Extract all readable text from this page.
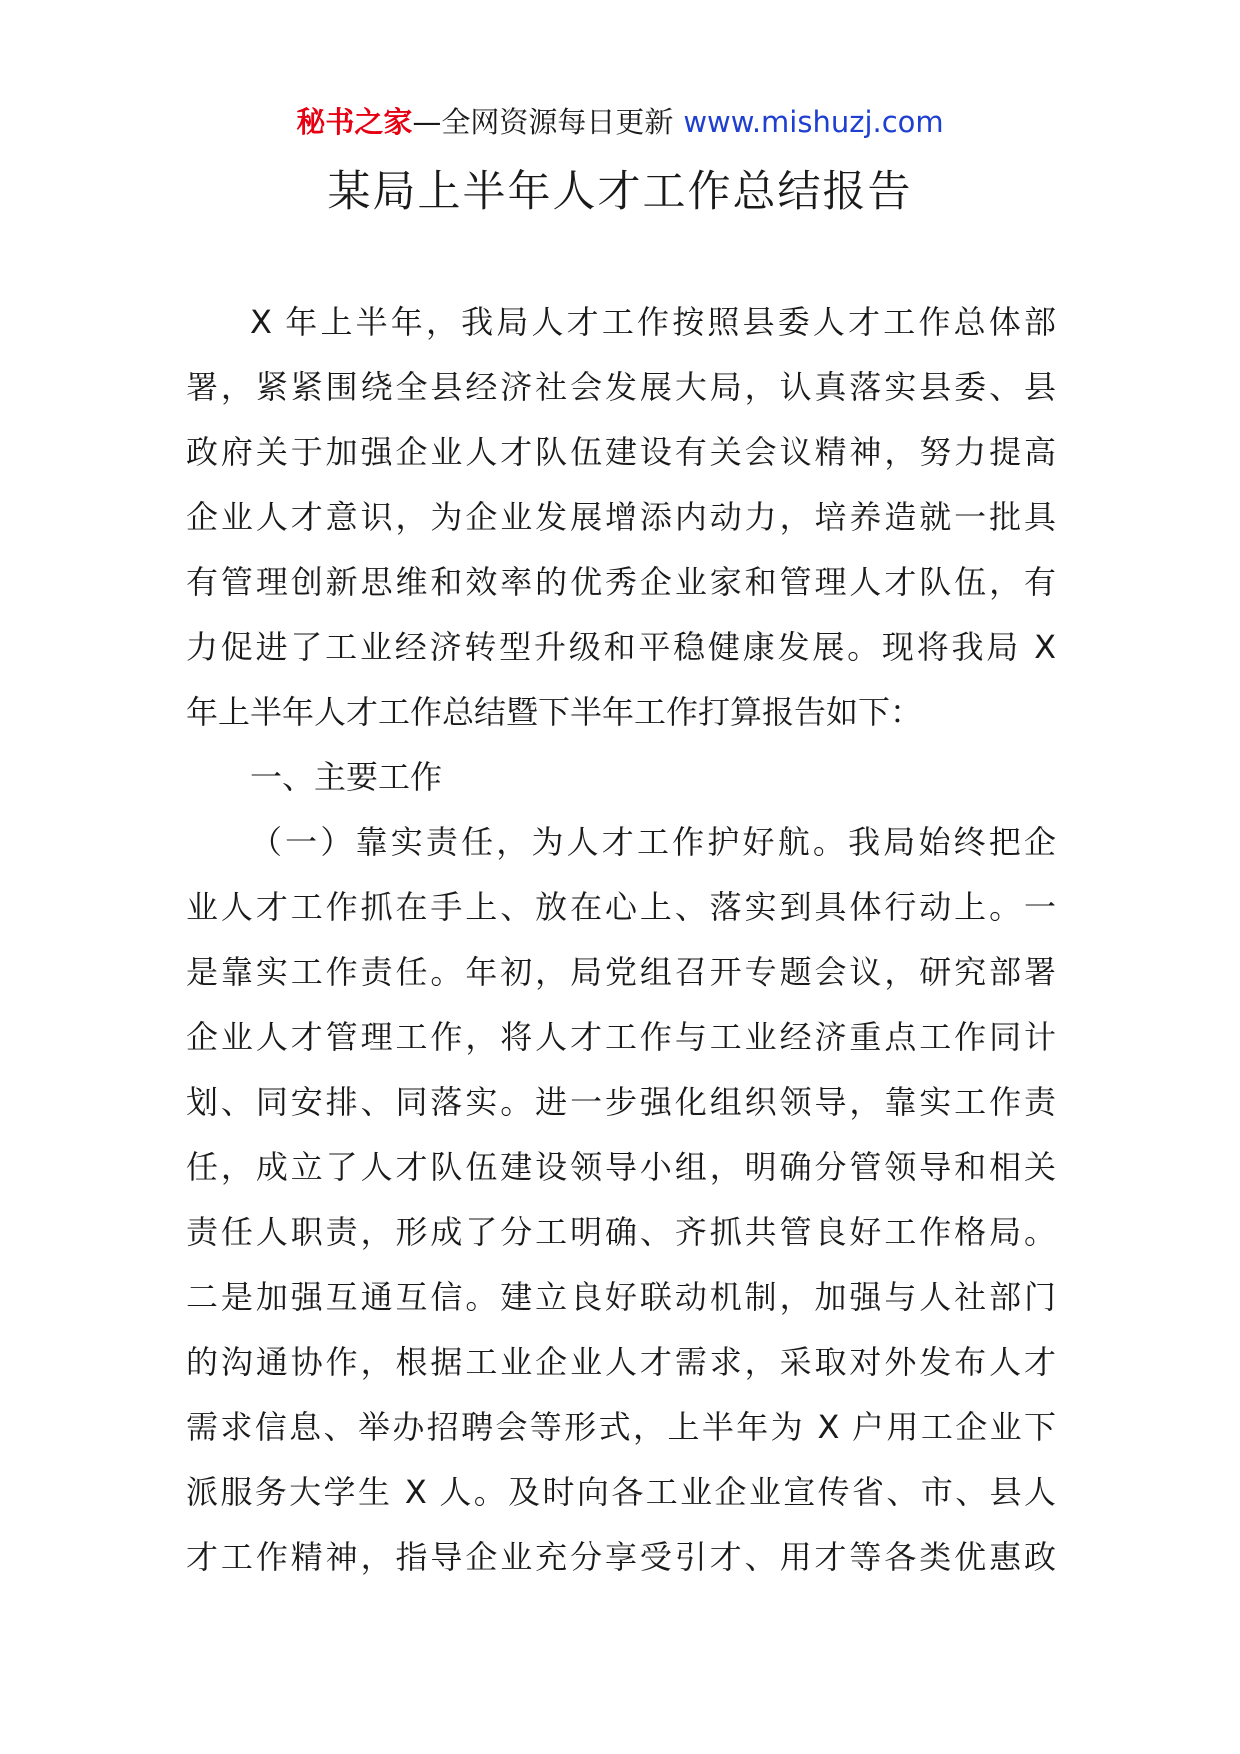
秘书之家—全网资源每日更新 www.mishuzj.com
某局上半年人才工作总结报告
X 年上半年，我局人才工作按照县委人才工作总体部
署，紧紧围绕全县经济社会发展大局，认真落实县委、县
政府关于加强企业人才队伍建设有关会议精神，努力提高
企业人才意识，为企业发展增添内动力，培养造就一批具
有管理创新思维和效率的优秀企业家和管理人才队伍，有
力促进了工业经济转型升级和平稳健康发展。现将我局 X
年上半年人才工作总结暨下半年工作打算报告如下：
一、主要工作
（一）靠实责任，为人才工作护好航。我局始终把企
业人才工作抓在手上、放在心上、落实到具体行动上。一
是靠实工作责任。年初，局党组召开专题会议，研究部署
企业人才管理工作，将人才工作与工业经济重点工作同计
划、同安排、同落实。进一步强化组织领导，靠实工作责
任，成立了人才队伍建设领导小组，明确分管领导和相关
责任人职责，形成了分工明确、齐抓共管良好工作格局。
二是加强互通互信。建立良好联动机制，加强与人社部门
的沟通协作，根据工业企业人才需求，采取对外发布人才
需求信息、举办招聘会等形式，上半年为 X 户用工企业下
派服务大学生 X 人。及时向各工业企业宣传省、市、县人
才工作精神，指导企业充分享受引才、用才等各类优惠政
